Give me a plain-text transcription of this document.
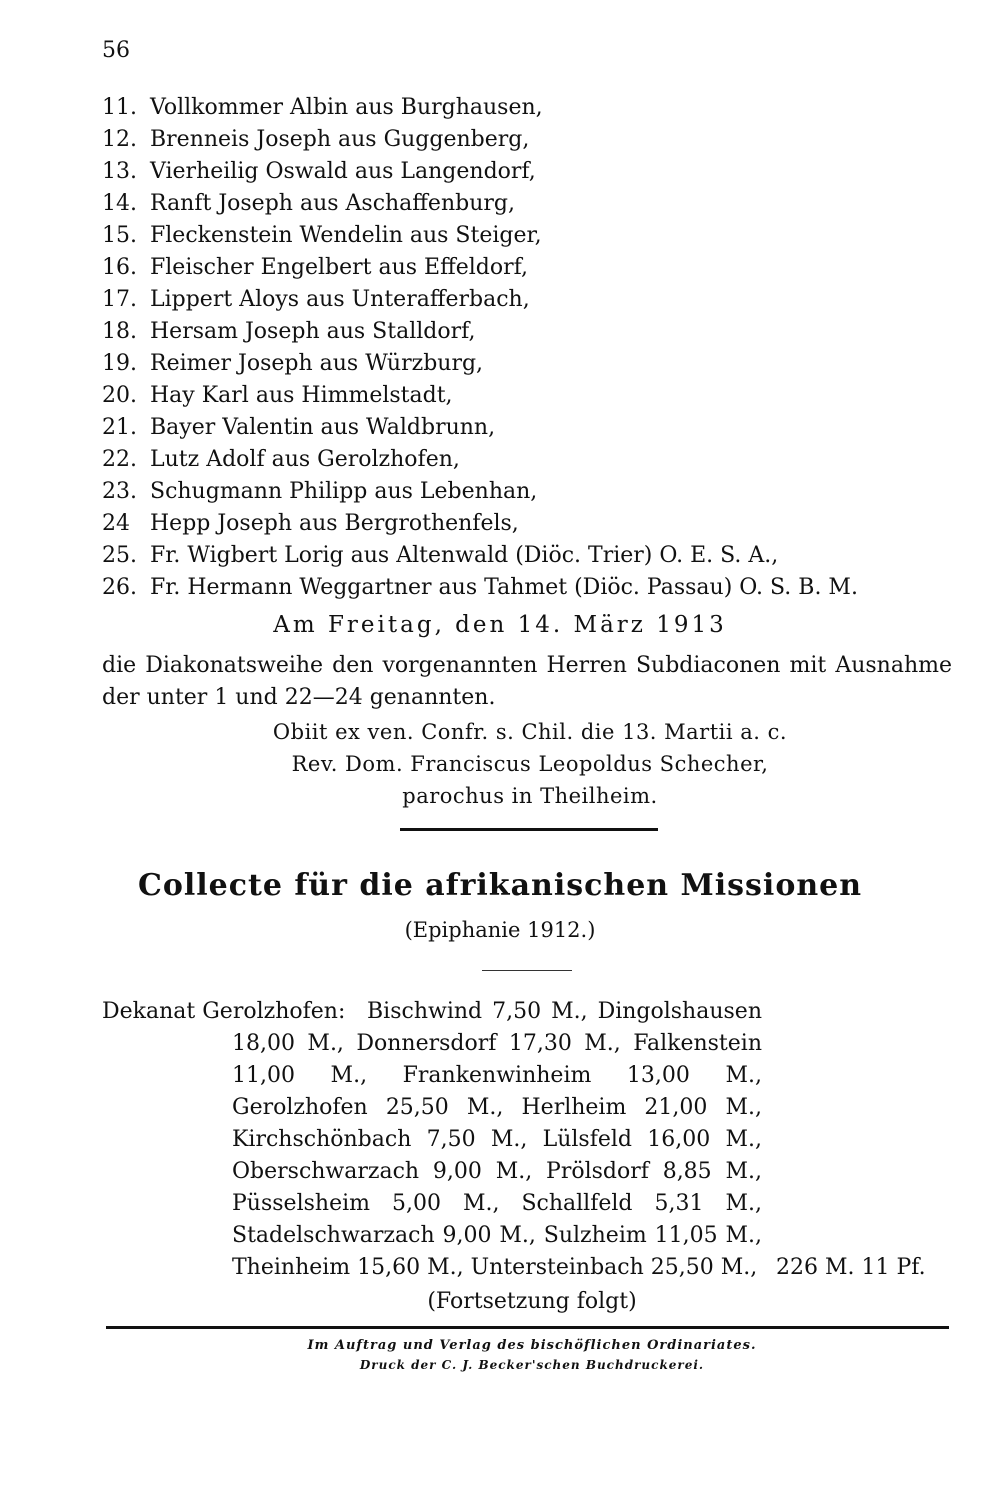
56
11. Vollkommer Albin aus Burghausen,
12. Brenneis Joseph aus Guggenberg,
13. Vierheilig Oswald aus Langendorf,
14. Ranft Joseph aus Aschaffenburg,
15. Fleckenstein Wendelin aus Steiger,
16. Fleischer Engelbert aus Effeldorf,
17. Lippert Aloys aus Unterafferbach,
18. Hersam Joseph aus Stalldorf,
19. Reimer Joseph aus Würzburg,
20. Hay Karl aus Himmelstadt,
21. Bayer Valentin aus Waldbrunn,
22. Lutz Adolf aus Gerolzhofen,
23. Schugmann Philipp aus Lebenhan,
24 Hepp Joseph aus Bergrothenfels,
25. Fr. Wigbert Lorig aus Altenwald (Diöc. Trier) O. E. S. A.,
26. Fr. Hermann Weggartner aus Tahmet (Diöc. Passau) O. S. B. M.
Am Freitag, den 14. März 1913
die Diakonatsweihe den vorgenannten Herren Subdiaconen mit Ausnahme der unter 1 und 22—24 genannten.
Obiit ex ven. Confr. s. Chil. die 13. Martii a. c.
Rev. Dom. Franciscus Leopoldus Schecher,
parochus in Theilheim.
Collecte für die afrikanischen Missionen
(Epiphanie 1912.)
Dekanat Gerolzhofen: Bischwind 7,50 M., Dingolshausen 18,00 M., Donnersdorf 17,30 M., Falkenstein 11,00 M., Frankenwinheim 13,00 M., Gerolzhofen 25,50 M., Herlheim 21,00 M., Kirchschönbach 7,50 M., Lülsfeld 16,00 M., Oberschwarzach 9,00 M., Prölsdorf 8,85 M., Püsselsheim 5,00 M., Schallfeld 5,31 M., Stadelschwarzach 9,00 M., Sulzheim 11,05 M., Theinheim 15,60 M., Untersteinbach 25,50 M., 226 M. 11 Pf.
(Fortsetzung folgt)
Im Auftrag und Verlag des bischöflichen Ordinariates.
Druck der C. J. Becker'schen Buchdruckerei.
